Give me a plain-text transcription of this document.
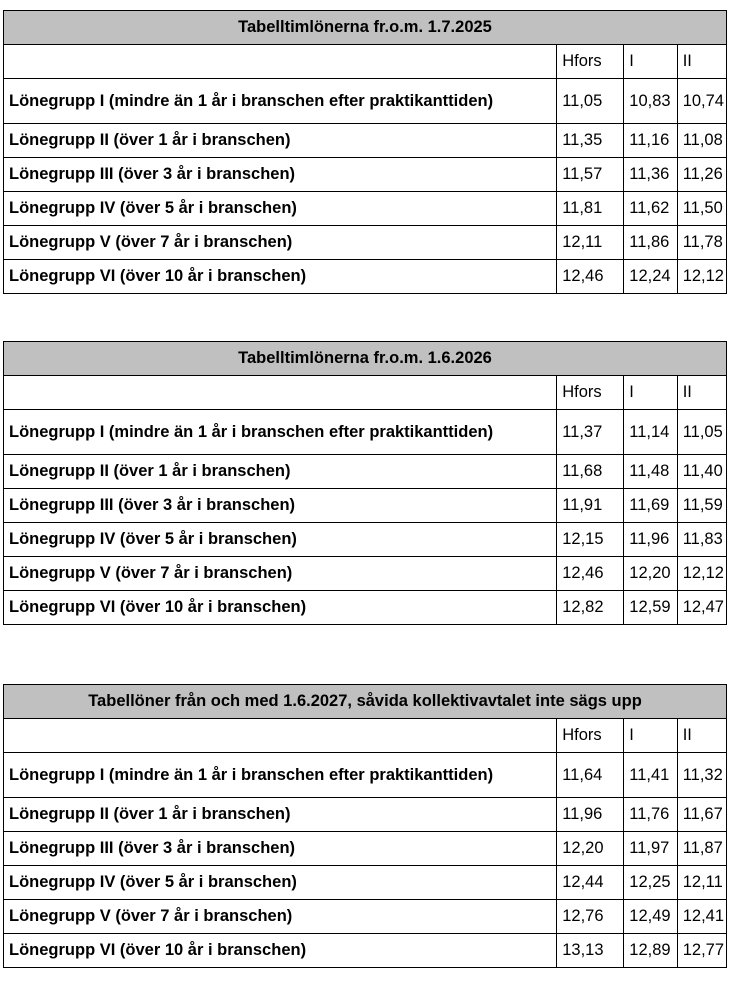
Tabelltimlönerna fr.o.m. 1.7.2025			
	Hfors	I	II
Lönegrupp I (mindre än 1 år i branschen efter praktikanttiden)	11,05	10,83	10,74
Lönegrupp II (över 1 år i branschen)	11,35	11,16	11,08
Lönegrupp III (över 3 år i branschen)	11,57	11,36	11,26
Lönegrupp IV (över 5 år i branschen)	11,81	11,62	11,50
Lönegrupp V (över 7 år i branschen)	12,11	11,86	11,78
Lönegrupp VI (över 10 år i branschen)	12,46	12,24	12,12
Tabelltimlönerna fr.o.m. 1.6.2026			
	Hfors	I	II
Lönegrupp I (mindre än 1 år i branschen efter praktikanttiden)	11,37	11,14	11,05
Lönegrupp II (över 1 år i branschen)	11,68	11,48	11,40
Lönegrupp III (över 3 år i branschen)	11,91	11,69	11,59
Lönegrupp IV (över 5 år i branschen)	12,15	11,96	11,83
Lönegrupp V (över 7 år i branschen)	12,46	12,20	12,12
Lönegrupp VI (över 10 år i branschen)	12,82	12,59	12,47
Tabellöner från och med 1.6.2027, såvida kollektivavtalet inte sägs upp			
	Hfors	I	II
Lönegrupp I (mindre än 1 år i branschen efter praktikanttiden)	11,64	11,41	11,32
Lönegrupp II (över 1 år i branschen)	11,96	11,76	11,67
Lönegrupp III (över 3 år i branschen)	12,20	11,97	11,87
Lönegrupp IV (över 5 år i branschen)	12,44	12,25	12,11
Lönegrupp V (över 7 år i branschen)	12,76	12,49	12,41
Lönegrupp VI (över 10 år i branschen)	13,13	12,89	12,77
